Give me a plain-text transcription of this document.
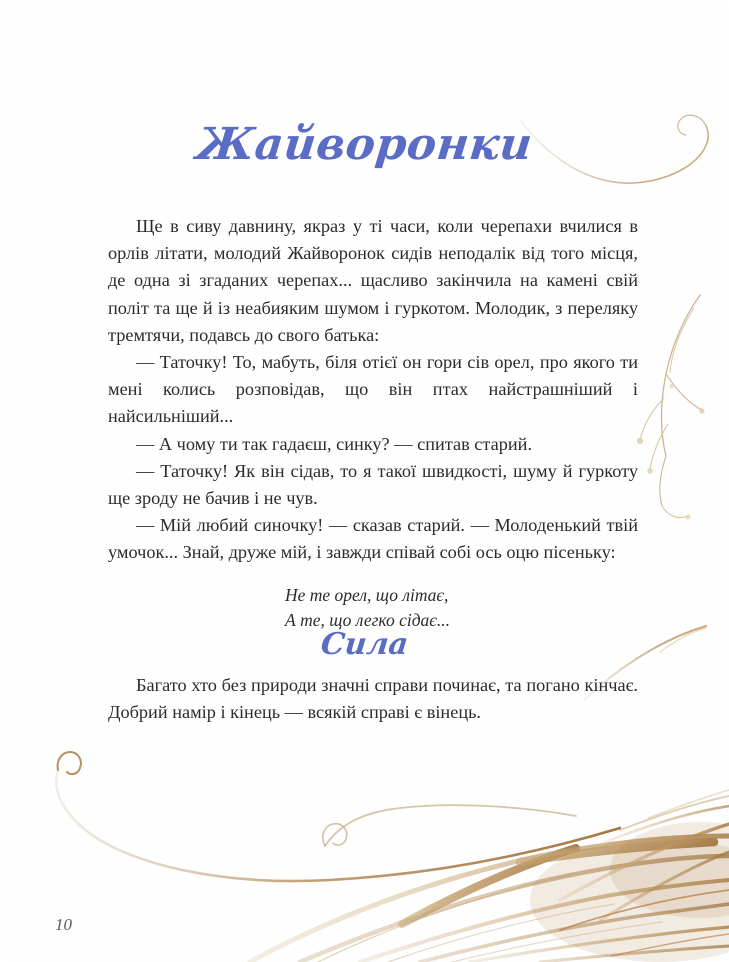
Жайворонки

Ще в сиву давнину, якраз у ті часи, коли черепахи вчилися в орлів літати, молодий Жайворонок сидів неподалік від того місця, де одна зі згаданих черепах... щасливо закінчила на камені свій політ та ще й із неабияким шумом і гуркотом. Молодик, з переляку тремтячи, подавсь до свого батька:

— Таточку! То, мабуть, біля отієї он гори сів орел, про якого ти мені колись розповідав, що він птах найстрашніший і найсильніший...

— А чому ти так гадаєш, синку? — спитав старий.

— Таточку! Як він сідав, то я такої швидкості, шуму й гуркоту ще зроду не бачив і не чув.

— Мій любий синочку! — сказав старий. — Молоденький твій умочок... Знай, друже мій, і завжди співай собі ось оцю пісеньку:

Не те орел, що літає,
А те, що легко сідає...
Сила

Багато хто без природи значні справи починає, та погано кінчає. Добрий намір і кінець — всякій справі є вінець.

10
